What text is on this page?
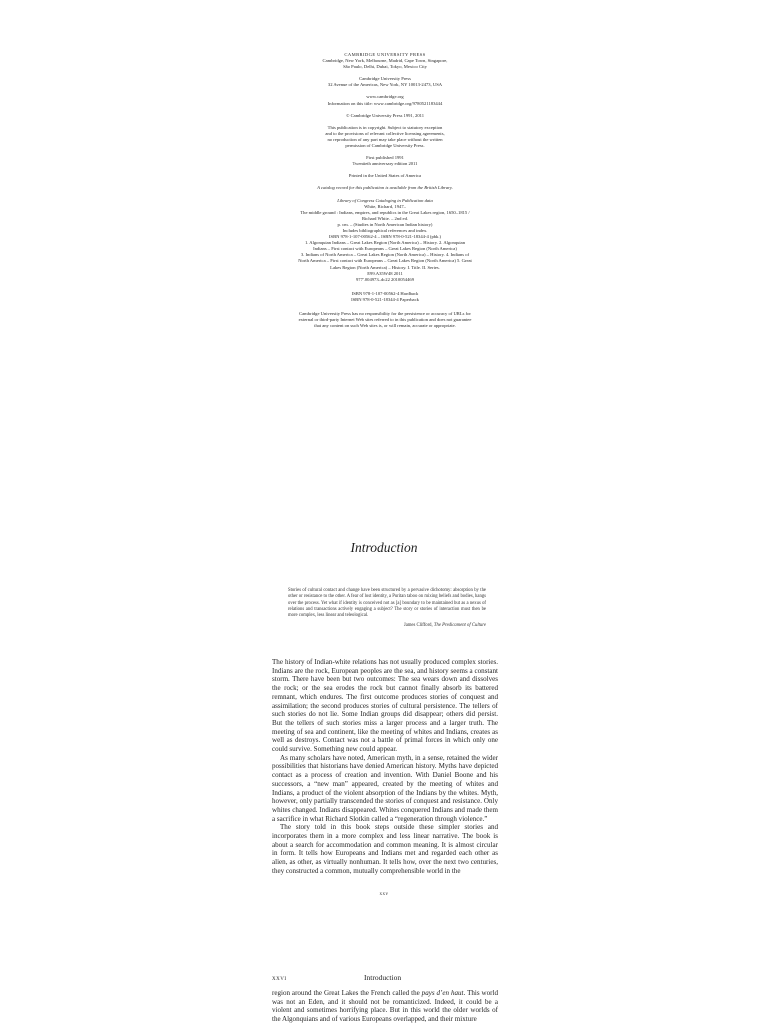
CAMBRIDGE UNIVERSITY PRESS
Cambridge, New York, Melbourne, Madrid, Cape Town, Singapore,
São Paulo, Delhi, Dubai, Tokyo, Mexico City
Cambridge University Press
32 Avenue of the Americas, New York, NY 10013-2473, USA
www.cambridge.org
Information on this title: www.cambridge.org/9780521183444
© Cambridge University Press 1991, 2011
This publication is in copyright. Subject to statutory exception
and to the provisions of relevant collective licensing agreements,
no reproduction of any part may take place without the written
permission of Cambridge University Press.
First published 1991
Twentieth anniversary edition 2011
Printed in the United States of America
A catalog record for this publication is available from the British Library.
Library of Congress Cataloging in Publication data
White, Richard, 1947–
The middle ground : Indians, empires, and republics in the Great Lakes region, 1650–1815 /
Richard White. – 2nd ed.
p. cm. – (Studies in North American Indian history)
Includes bibliographical references and index.
ISBN 978-1-107-00562-4 – ISBN 978-0-521-18344-4 (pbk.)
1. Algonquian Indians – Great Lakes Region (North America) – History. 2. Algonquian
Indians – First contact with Europeans – Great Lakes Region (North America)
3. Indians of North America – Great Lakes Region (North America) – History. 4. Indians of
North America – First contact with Europeans – Great Lakes Region (North America) 5. Great
Lakes Region (North America) – History. I. Title. II. Series.
E99.A35W48 2011
977'.004973–dc22 2010054469
ISBN 978-1-107-00562-4 Hardback
ISBN 978-0-521-18344-4 Paperback
Cambridge University Press has no responsibility for the persistence or accuracy of URLs for
external or third-party Internet Web sites referred to in this publication and does not guarantee
that any content on such Web sites is, or will remain, accurate or appropriate.
Introduction
Stories of cultural contact and change have been structured by a pervasive dichotomy: absorption by the other or resistance to the other. A fear of lost identity, a Puritan taboo on mixing beliefs and bodies, hangs over the process. Yet what if identity is conceived not as [a] boundary to be maintained but as a nexus of relations and transactions actively engaging a subject? The story or stories of interaction must then be more complex, less linear and teleological.
James Clifford, The Predicament of Culture

The history of Indian-white relations has not usually produced complex stories. Indians are the rock, European peoples are the sea, and history seems a constant storm. There have been but two outcomes: The sea wears down and dissolves the rock; or the sea erodes the rock but cannot finally absorb its battered remnant, which endures. The first outcome produces stories of conquest and assimilation; the second produces stories of cultural persistence. The tellers of such stories do not lie. Some Indian groups did disappear; others did persist. But the tellers of such stories miss a larger process and a larger truth. The meeting of sea and continent, like the meeting of whites and Indians, creates as well as destroys. Contact was not a battle of primal forces in which only one could survive. Something new could appear.

As many scholars have noted, American myth, in a sense, retained the wider possibilities that historians have denied American history. Myths have depicted contact as a process of creation and invention. With Daniel Boone and his successors, a “new man” appeared, created by the meeting of whites and Indians, a product of the violent absorption of the Indians by the whites. Myth, however, only partially transcended the stories of conquest and resistance. Only whites changed. Indians disappeared. Whites conquered Indians and made them a sacrifice in what Richard Slotkin called a “regeneration through violence.”

The story told in this book steps outside these simpler stories and incorporates them in a more complex and less linear narrative. The book is about a search for accommodation and common meaning. It is almost circular in form. It tells how Europeans and Indians met and regarded each other as alien, as other, as virtually nonhuman. It tells how, over the next two centuries, they constructed a common, mutually comprehensible world in the

xxv
xxvi	Introduction

region around the Great Lakes the French called the pays d’en haut. This world was not an Eden, and it should not be romanticized. Indeed, it could be a violent and sometimes horrifying place. But in this world the older worlds of the Algonquians and of various Europeans overlapped, and their mixture
